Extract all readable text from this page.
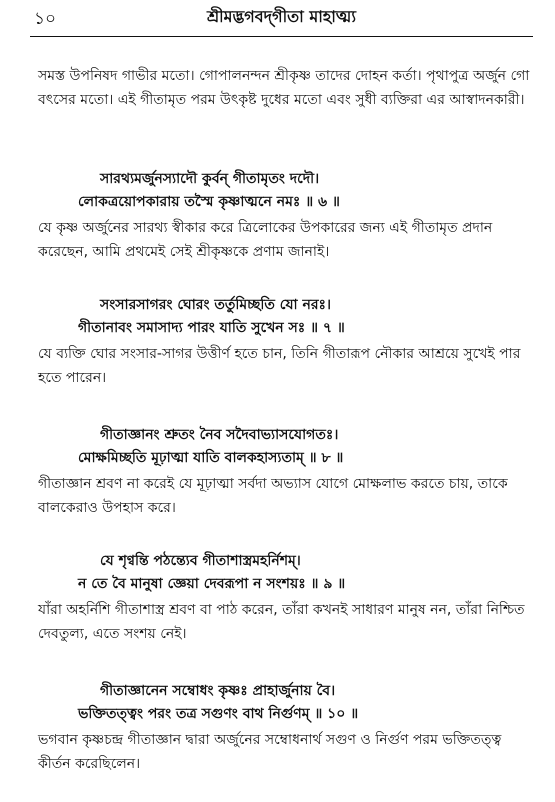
১০	শ্রীমদ্ভগবদ্‌গীতা মাহাত্ম্য

সমস্ত উপনিষদ গাভীর মতো। গোপালনন্দন শ্রীকৃষ্ণ তাদের দোহন কর্তা। পৃথাপুত্র অর্জুন গো বৎসের মতো। এই গীতামৃত পরম উৎকৃষ্ট দুধের মতো এবং সুধী ব্যক্তিরা এর আস্বাদনকারী।

সারথ্যমর্জুনস্যাদৌ কুর্বন্‌ গীতামৃতং দদৌ।
লোকত্রয়োপকারায় তস্মৈ কৃষ্ণাত্মনে নমঃ ॥ ৬ ॥

যে কৃষ্ণ অর্জুনের সারথ্য স্বীকার করে ত্রিলোকের উপকারের জন্য এই গীতামৃত প্রদান করেছেন, আমি প্রথমেই সেই শ্রীকৃষ্ণকে প্রণাম জানাই।

সংসারসাগরং ঘোরং তর্তুমিচ্ছতি যো নরঃ।
গীতানাবং সমাসাদ্য পারং যাতি সুখেন সঃ ॥ ৭ ॥

যে ব্যক্তি ঘোর সংসার-সাগর উত্তীর্ণ হতে চান, তিনি গীতারূপ নৌকার আশ্রয়ে সুখেই পার হতে পারেন।

গীতাজ্ঞানং শ্রুতং নৈব সদৈবাভ্যাসযোগতঃ।
মোক্ষমিচ্ছতি মূঢ়াত্মা যাতি বালকহাস্যতাম্‌ ॥ ৮ ॥

গীতাজ্ঞান শ্রবণ না করেই যে মূঢ়াত্মা সর্বদা অভ্যাস যোগে মোক্ষলাভ করতে চায়, তাকে বালকেরাও উপহাস করে।

যে শৃণ্বন্তি পঠন্ত্যেব গীতাশাস্ত্রমহর্নিশম্‌।
ন তে বৈ মানুষা জ্ঞেয়া দেবরূপা ন সংশয়ঃ ॥ ৯ ॥

যাঁরা অহর্নিশি গীতাশাস্ত্র শ্রবণ বা পাঠ করেন, তাঁরা কখনই সাধারণ মানুষ নন, তাঁরা নিশ্চিত দেবতুল্য, এতে সংশয় নেই।

গীতাজ্ঞানেন সম্বোধং কৃষ্ণঃ প্রাহার্জুনায় বৈ।
ভক্তিতত্ত্বং পরং তত্র সগুণং বাথ নির্গুণম্‌ ॥ ১০ ॥

ভগবান কৃষ্ণচন্দ্র গীতাজ্ঞান দ্বারা অর্জুনের সম্বোধনার্থ সগুণ ও নির্গুণ পরম ভক্তিতত্ত্ব কীর্তন করেছিলেন।
